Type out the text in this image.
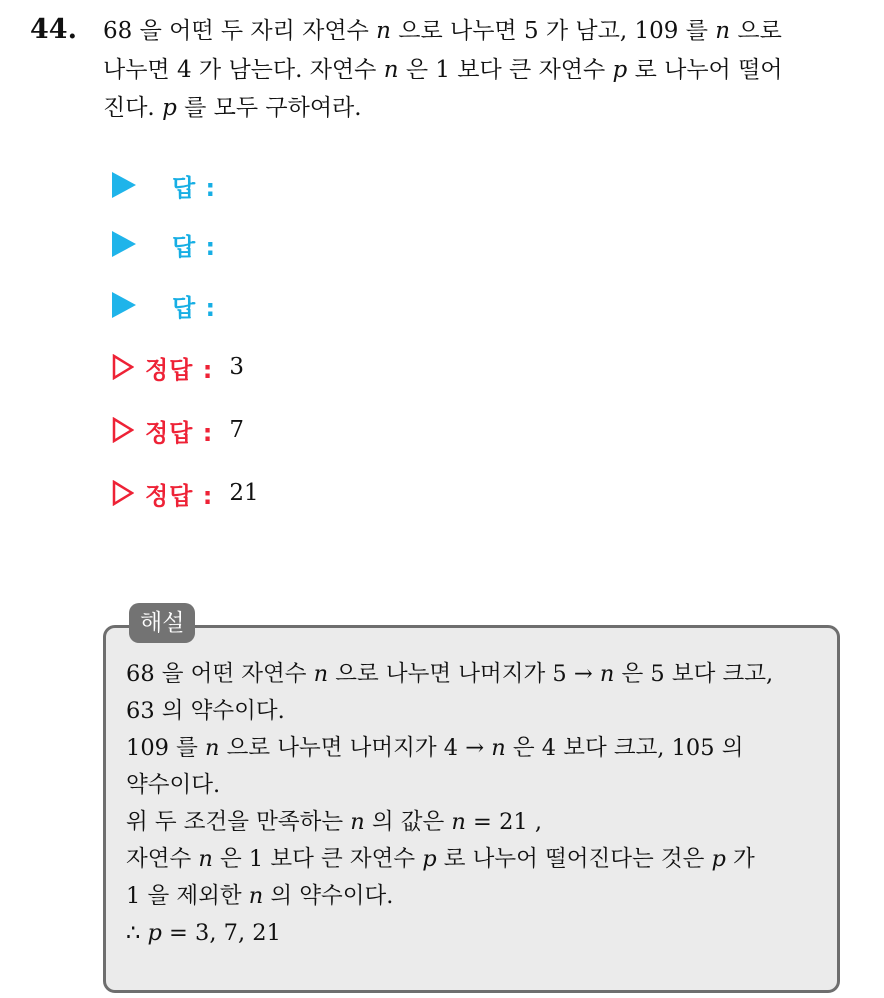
44. 68 을 어떤 두 자리 자연수 n 으로 나누면 5 가 남고, 109 를 n 으로

나누면 4 가 남는다. 자연수 n 은 1 보다 큰 자연수 p 로 나누어 떨어

진다. p 를 모두 구하여라.

답 :
답 :
답 :
정답 : 3
정답 : 7
정답 : 21
해설

68 을 어떤 자연수 n 으로 나누면 나머지가 5 → n 은 5 보다 크고,

63 의 약수이다.

109 를 n 으로 나누면 나머지가 4 → n 은 4 보다 크고, 105 의

약수이다.

위 두 조건을 만족하는 n 의 값은 n = 21 ,

자연수 n 은 1 보다 큰 자연수 p 로 나누어 떨어진다는 것은 p 가

1 을 제외한 n 의 약수이다.

∴ p = 3, 7, 21
